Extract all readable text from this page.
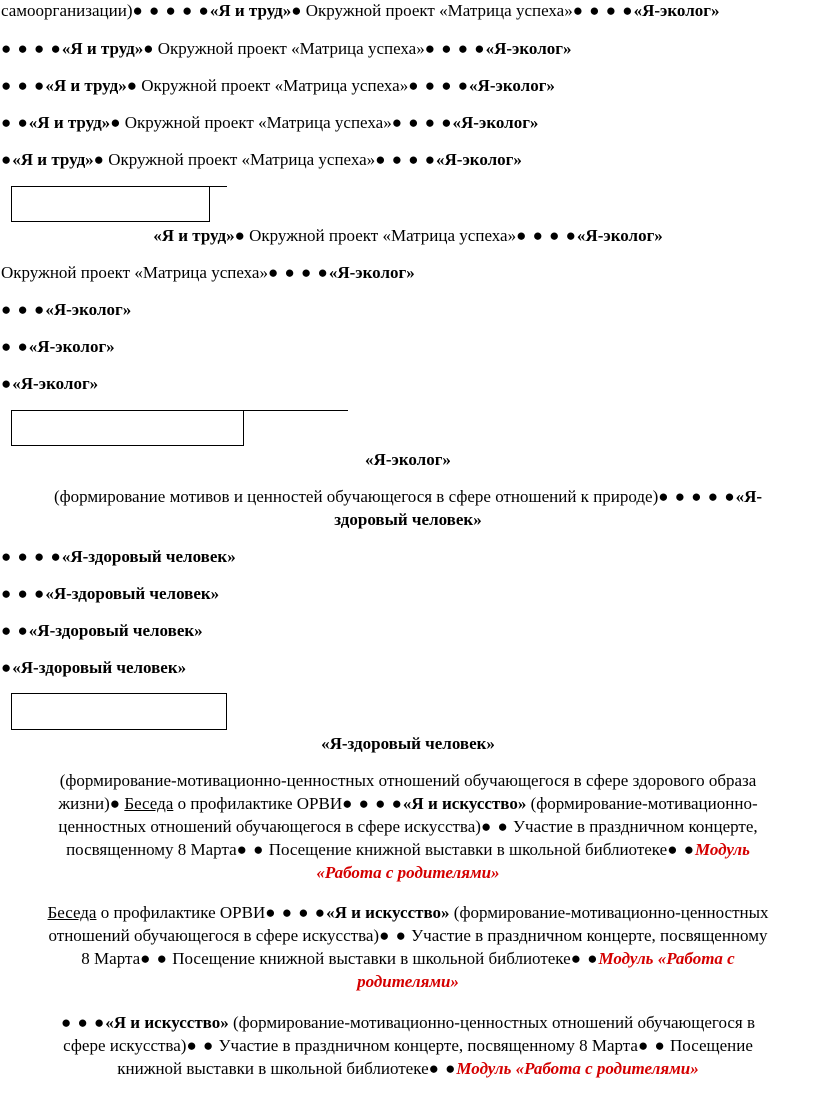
самоорганизации)● ● ● ● ●«Я и труд»● Окружной проект «Матрица успеха»● ● ● ●«Я-эколог»
● ● ● ●«Я и труд»● Окружной проект «Матрица успеха»● ● ● ●«Я-эколог»
● ● ●«Я и труд»● Окружной проект «Матрица успеха»● ● ● ●«Я-эколог»
● ●«Я и труд»● Окружной проект «Матрица успеха»● ● ● ●«Я-эколог»
●«Я и труд»● Окружной проект «Матрица успеха»● ● ● ●«Я-эколог»
«Я и труд»● Окружной проект «Матрица успеха»● ● ● ●«Я-эколог»
Окружной проект «Матрица успеха»● ● ● ●«Я-эколог»
● ● ●«Я-эколог»
● ●«Я-эколог»
●«Я-эколог»
«Я-эколог»
(формирование мотивов и ценностей обучающегося в сфере отношений к природе)● ● ● ● ●«Я-
здоровый человек»
● ● ● ●«Я-здоровый человек»
● ● ●«Я-здоровый человек»
● ●«Я-здоровый человек»
●«Я-здоровый человек»
«Я-здоровый человек»
(формирование-мотивационно-ценностных отношений обучающегося в сфере здорового образа
жизни)● Беседа о профилактике ОРВИ● ● ● ●«Я и искусство» (формирование-мотивационно-
ценностных отношений обучающегося в сфере искусства)● ● Участие в праздничном концерте,
посвященному 8 Марта● ● Посещение книжной выставки в школьной библиотеке● ●Модуль
«Работа с родителями»
Беседа о профилактике ОРВИ● ● ● ●«Я и искусство» (формирование-мотивационно-ценностных
отношений обучающегося в сфере искусства)● ● Участие в праздничном концерте, посвященному
8 Марта● ● Посещение книжной выставки в школьной библиотеке● ●Модуль «Работа с
родителями»
● ● ●«Я и искусство» (формирование-мотивационно-ценностных отношений обучающегося в
сфере искусства)● ● Участие в праздничном концерте, посвященному 8 Марта● ● Посещение
книжной выставки в школьной библиотеке● ●Модуль «Работа с родителями»
